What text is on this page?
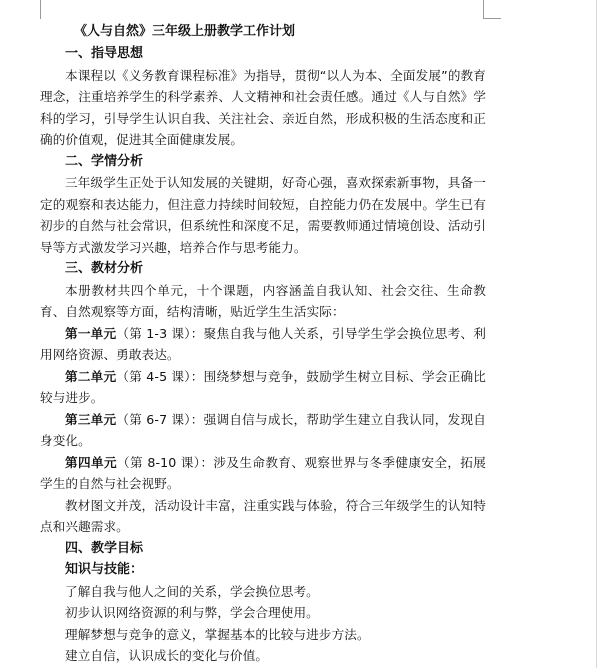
《人与自然》三年级上册教学工作计划

一、指导思想

本课程以《义务教育课程标准》为指导，贯彻“以人为本、全面发展”的教育理念，注重培养学生的科学素养、人文精神和社会责任感。通过《人与自然》学科的学习，引导学生认识自我、关注社会、亲近自然，形成积极的生活态度和正确的价值观，促进其全面健康发展。

二、学情分析

三年级学生正处于认知发展的关键期，好奇心强，喜欢探索新事物，具备一定的观察和表达能力，但注意力持续时间较短，自控能力仍在发展中。学生已有初步的自然与社会常识，但系统性和深度不足，需要教师通过情境创设、活动引导等方式激发学习兴趣，培养合作与思考能力。

三、教材分析

本册教材共四个单元，十个课题，内容涵盖自我认知、社会交往、生命教育、自然观察等方面，结构清晰，贴近学生生活实际：

第一单元（第 1-3 课）：聚焦自我与他人关系，引导学生学会换位思考、利用网络资源、勇敢表达。

第二单元（第 4-5 课）：围绕梦想与竞争，鼓励学生树立目标、学会正确比较与进步。

第三单元（第 6-7 课）：强调自信与成长，帮助学生建立自我认同，发现自身变化。

第四单元（第 8-10 课）：涉及生命教育、观察世界与冬季健康安全，拓展学生的自然与社会视野。

教材图文并茂，活动设计丰富，注重实践与体验，符合三年级学生的认知特点和兴趣需求。

四、教学目标

知识与技能：

了解自我与他人之间的关系，学会换位思考。

初步认识网络资源的利与弊，学会合理使用。

理解梦想与竞争的意义，掌握基本的比较与进步方法。

建立自信，认识成长的变化与价值。
